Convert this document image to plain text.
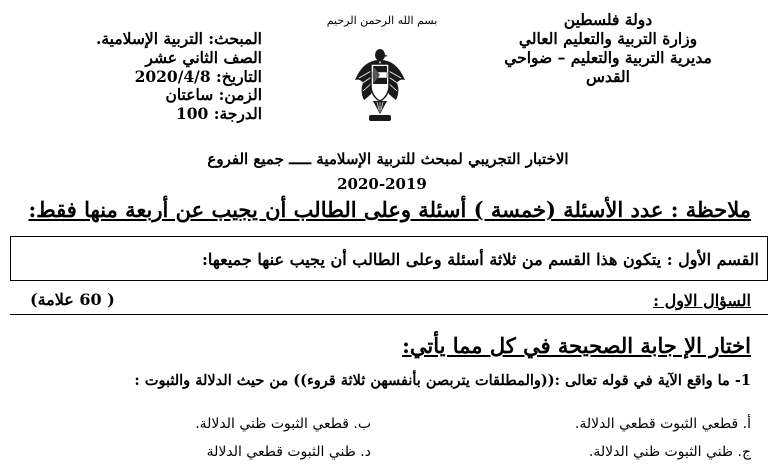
دولة فلسطين
وزارة التربية والتعليم العالي
مديرية التربية والتعليم – ضواحي
القدس
بسم الله الرحمن الرحيم
المبحث: التربية الإسلامية.
الصف الثاني عشر
التاريخ: 2020/4/8
الزمن: ساعتان
الدرجة: 100
الاختبار التجريبي لمبحث للتربية الإسلامية ـــــ جميع الفروع
2020-2019
ملاحظة : عدد الأسئلة (خمسة ) أسئلة وعلى الطالب أن يجيب عن أربعة منها فقط:
القسم الأول : يتكون هذا القسم من ثلاثة أسئلة وعلى الطالب أن يجيب عنها جميعها:
السؤال الاول :
( 60 علامة)
اختار الإ جابة الصحيحة في كل مما يأتي:
1- ما واقع الآية في قوله تعالى :((والمطلقات يتربصن بأنفسهن ثلاثة قروء)) من حيث الدلالة والثبوت :
أ. قطعي الثبوت قطعي الدلالة.
ب. قطعي الثبوت ظني الدلالة.
ج. ظني الثبوت ظني الدلالة.
د. ظني الثبوت قطعي الدلالة
